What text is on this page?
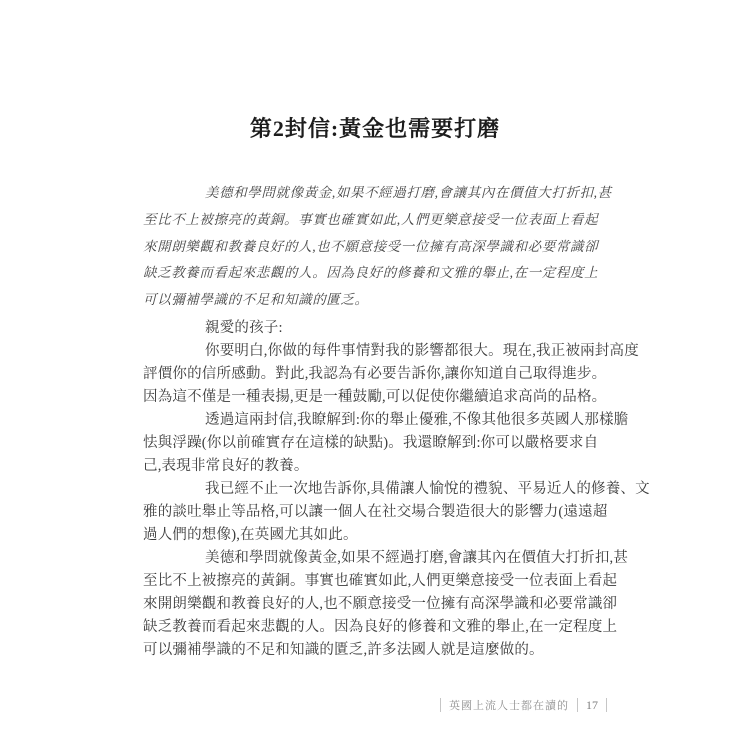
第2封信:黃金也需要打磨
美德和學問就像黃金,如果不經過打磨,會讓其內在價值大打折扣,甚
至比不上被擦亮的黃銅。事實也確實如此,人們更樂意接受一位表面上看起
來開朗樂觀和教養良好的人,也不願意接受一位擁有高深學識和必要常識卻
缺乏教養而看起來悲觀的人。因為良好的修養和文雅的舉止,在一定程度上
可以彌補學識的不足和知識的匱乏。
親愛的孩子:
你要明白,你做的每件事情對我的影響都很大。現在,我正被兩封高度
評價你的信所感動。對此,我認為有必要告訴你,讓你知道自己取得進步。
因為這不僅是一種表揚,更是一種鼓勵,可以促使你繼續追求高尚的品格。
透過這兩封信,我瞭解到:你的舉止優雅,不像其他很多英國人那樣膽
怯與浮躁(你以前確實存在這樣的缺點)。我還瞭解到:你可以嚴格要求自
己,表現非常良好的教養。
我已經不止一次地告訴你,具備讓人愉悅的禮貌、平易近人的修養、文
雅的談吐舉止等品格,可以讓一個人在社交場合製造很大的影響力(遠遠超
過人們的想像),在英國尤其如此。
美德和學問就像黃金,如果不經過打磨,會讓其內在價值大打折扣,甚
至比不上被擦亮的黃銅。事實也確實如此,人們更樂意接受一位表面上看起
來開朗樂觀和教養良好的人,也不願意接受一位擁有高深學識和必要常識卻
缺乏教養而看起來悲觀的人。因為良好的修養和文雅的舉止,在一定程度上
可以彌補學識的不足和知識的匱乏,許多法國人就是這麼做的。
英國上流人士都在讀的 17
